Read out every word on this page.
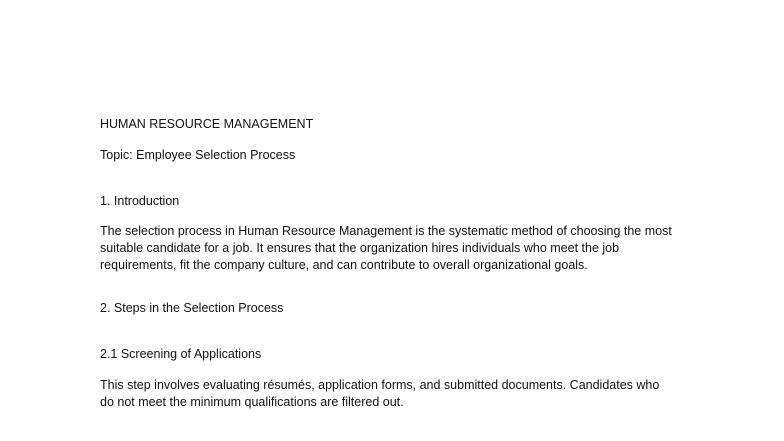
HUMAN RESOURCE MANAGEMENT
Topic: Employee Selection Process
1. Introduction
The selection process in Human Resource Management is the systematic method of choosing the most
suitable candidate for a job. It ensures that the organization hires individuals who meet the job
requirements, fit the company culture, and can contribute to overall organizational goals.
2. Steps in the Selection Process
2.1 Screening of Applications
This step involves evaluating résumés, application forms, and submitted documents. Candidates who
do not meet the minimum qualifications are filtered out.
